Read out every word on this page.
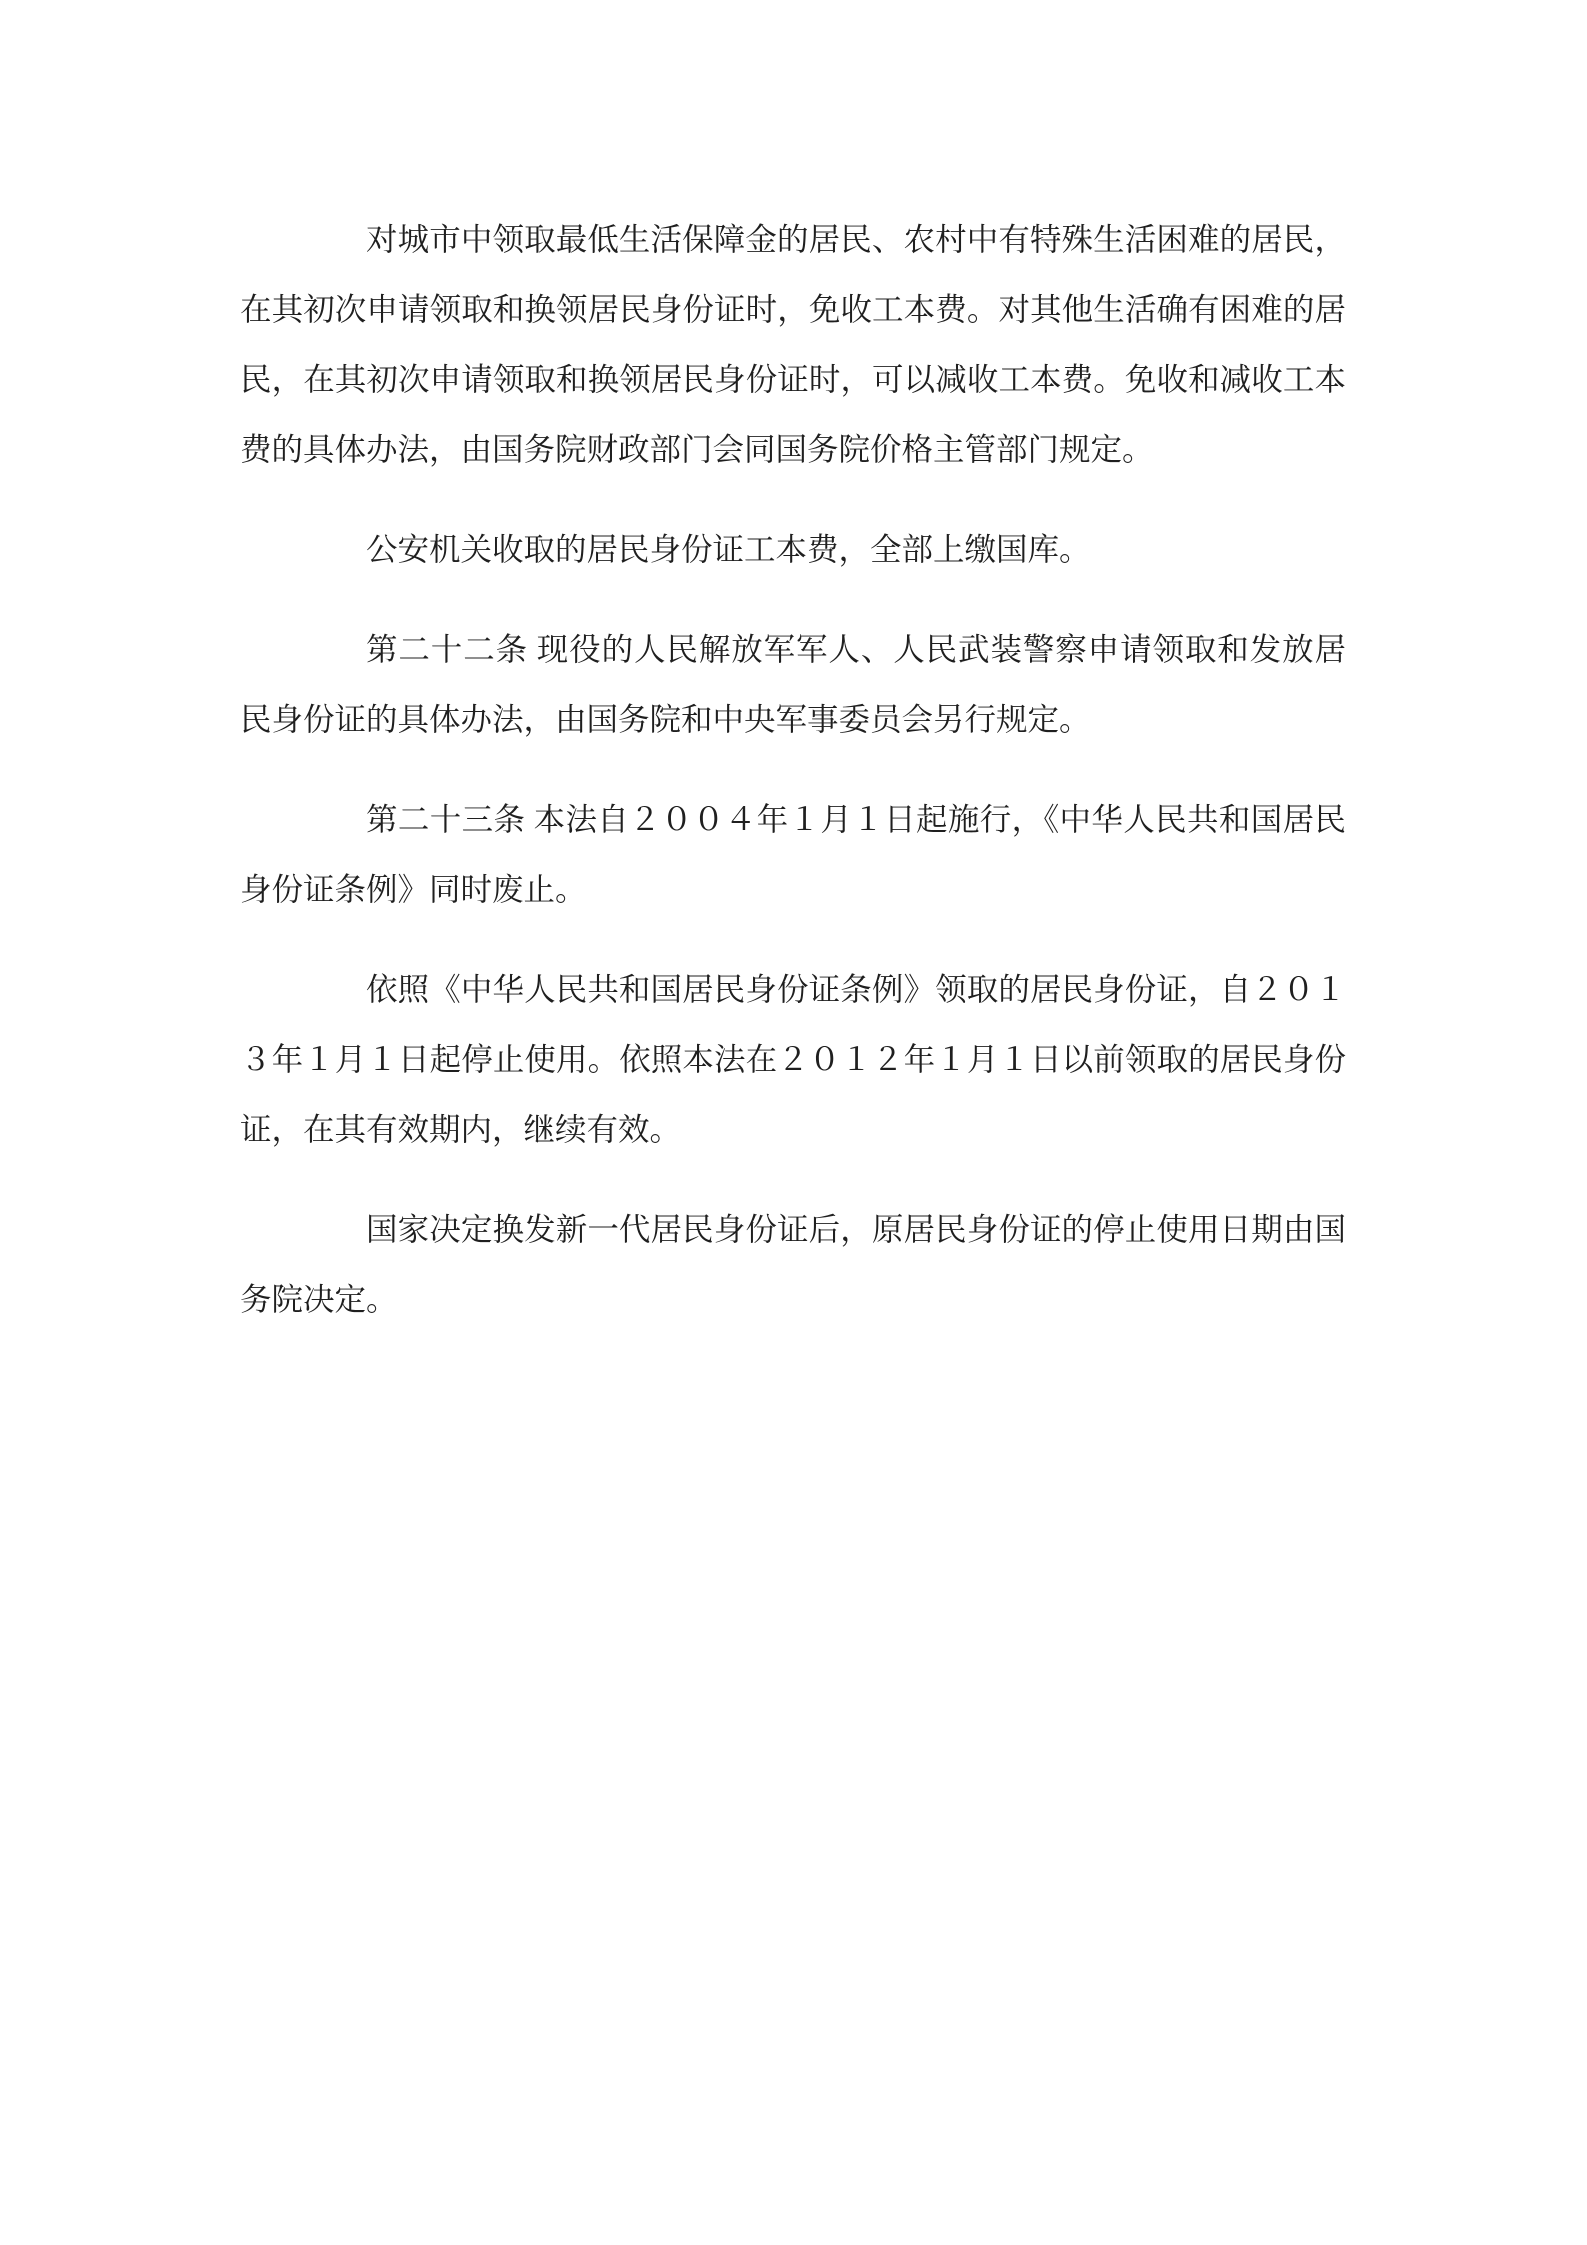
对城市中领取最低生活保障金的居民、农村中有特殊生活困难的居民，在其初次申请领取和换领居民身份证时，免收工本费。对其他生活确有困难的居民，在其初次申请领取和换领居民身份证时，可以减收工本费。免收和减收工本费的具体办法，由国务院财政部门会同国务院价格主管部门规定。

公安机关收取的居民身份证工本费，全部上缴国库。

第二十二条 现役的人民解放军军人、人民武装警察申请领取和发放居民身份证的具体办法，由国务院和中央军事委员会另行规定。

第二十三条 本法自２００４年１月１日起施行，《中华人民共和国居民身份证条例》同时废止。

依照《中华人民共和国居民身份证条例》领取的居民身份证，自２０１３年１月１日起停止使用。依照本法在２０１２年１月１日以前领取的居民身份证，在其有效期内，继续有效。

国家决定换发新一代居民身份证后，原居民身份证的停止使用日期由国务院决定。
